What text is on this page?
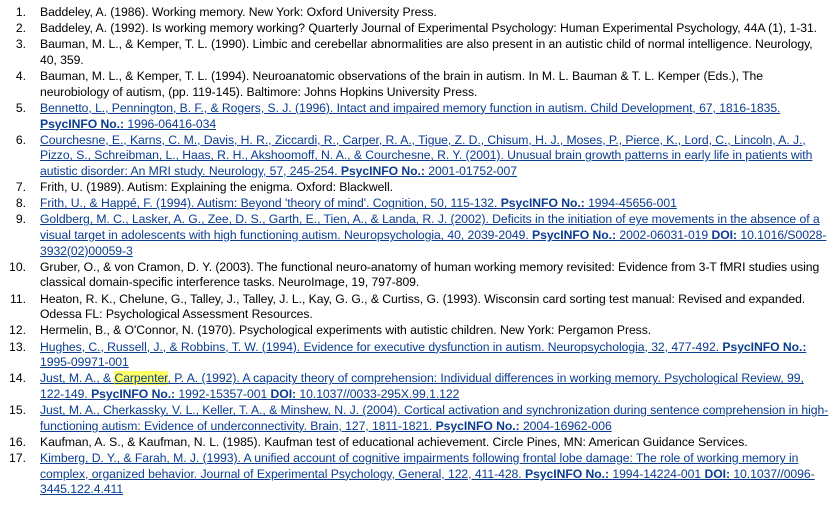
1.	Baddeley, A. (1986). Working memory. New York: Oxford University Press.
2.	Baddeley, A. (1992). Is working memory working? Quarterly Journal of Experimental Psychology: Human Experimental Psychology, 44A (1), 1-31.
3.	Bauman, M. L., & Kemper, T. L. (1990). Limbic and cerebellar abnormalities are also present in an autistic child of normal intelligence. Neurology, 40, 359.
4.	Bauman, M. L., & Kemper, T. L. (1994). Neuroanatomic observations of the brain in autism. In M. L. Bauman & T. L. Kemper (Eds.), The neurobiology of autism, (pp. 119-145). Baltimore: Johns Hopkins University Press.
5.	Bennetto, L., Pennington, B. F., & Rogers, S. J. (1996). Intact and impaired memory function in autism. Child Development, 67, 1816-1835. PsycINFO No.: 1996-06416-034
6.	Courchesne, E., Karns, C. M., Davis, H. R., Ziccardi, R., Carper, R. A., Tigue, Z. D., Chisum, H. J., Moses, P., Pierce, K., Lord, C., Lincoln, A. J., Pizzo, S., Schreibman, L., Haas, R. H., Akshoomoff, N. A., & Courchesne, R. Y. (2001). Unusual brain growth patterns in early life in patients with autistic disorder: An MRI study. Neurology, 57, 245-254. PsycINFO No.: 2001-01752-007
7.	Frith, U. (1989). Autism: Explaining the enigma. Oxford: Blackwell.
8.	Frith, U., & Happé, F. (1994). Autism: Beyond 'theory of mind'. Cognition, 50, 115-132. PsycINFO No.: 1994-45656-001
9.	Goldberg, M. C., Lasker, A. G., Zee, D. S., Garth, E., Tien, A., & Landa, R. J. (2002). Deficits in the initiation of eye movements in the absence of a visual target in adolescents with high functioning autism. Neuropsychologia, 40, 2039-2049. PsycINFO No.: 2002-06031-019 DOI: 10.1016/S0028-3932(02)00059-3
10.	Gruber, O., & von Cramon, D. Y. (2003). The functional neuro-anatomy of human working memory revisited: Evidence from 3-T fMRI studies using classical domain-specific interference tasks. NeuroImage, 19, 797-809.
11.	Heaton, R. K., Chelune, G., Talley, J., Talley, J. L., Kay, G. G., & Curtiss, G. (1993). Wisconsin card sorting test manual: Revised and expanded. Odessa FL: Psychological Assessment Resources.
12.	Hermelin, B., & O'Connor, N. (1970). Psychological experiments with autistic children. New York: Pergamon Press.
13.	Hughes, C., Russell, J., & Robbins, T. W. (1994). Evidence for executive dysfunction in autism. Neuropsychologia, 32, 477-492. PsycINFO No.: 1995-09971-001
14.	Just, M. A., & Carpenter, P. A. (1992). A capacity theory of comprehension: Individual differences in working memory. Psychological Review, 99, 122-149. PsycINFO No.: 1992-15357-001 DOI: 10.1037//0033-295X.99.1.122
15.	Just, M. A., Cherkassky, V. L., Keller, T. A., & Minshew, N. J. (2004). Cortical activation and synchronization during sentence comprehension in high-functioning autism: Evidence of underconnectivity. Brain, 127, 1811-1821. PsycINFO No.: 2004-16962-006
16.	Kaufman, A. S., & Kaufman, N. L. (1985). Kaufman test of educational achievement. Circle Pines, MN: American Guidance Services.
17.	Kimberg, D. Y., & Farah, M. J. (1993). A unified account of cognitive impairments following frontal lobe damage: The role of working memory in complex, organized behavior. Journal of Experimental Psychology, General, 122, 411-428. PsycINFO No.: 1994-14224-001 DOI: 10.1037//0096-3445.122.4.411
